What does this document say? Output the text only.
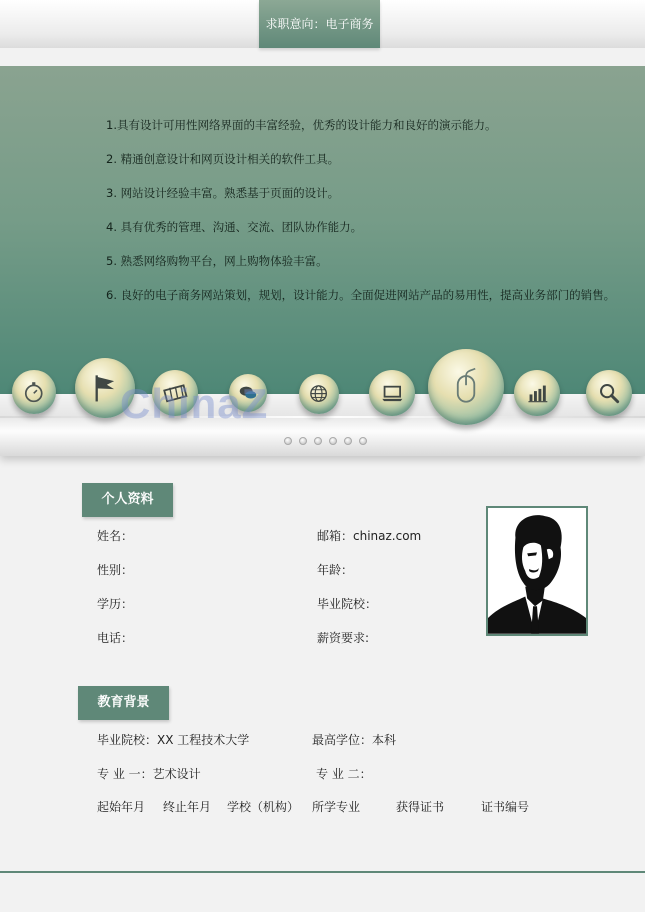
求职意向：电子商务
1.具有设计可用性网络界面的丰富经验，优秀的设计能力和良好的演示能力。
2. 精通创意设计和网页设计相关的软件工具。
3. 网站设计经验丰富。熟悉基于页面的设计。
4. 具有优秀的管理、沟通、交流、团队协作能力。
5. 熟悉网络购物平台，网上购物体验丰富。
6. 良好的电子商务网站策划，规划，设计能力。全面促进网站产品的易用性，提高业务部门的销售。
ChinaZ
个人资料
姓名：	邮箱：chinaz.com
性别：	年龄：
学历：	毕业院校：
电话：	薪资要求:
教育背景
毕业院校：XX 工程技术大学	最高学位：本科
专 业 一：艺术设计	专 业 二：
起始年月 终止年月 学校（机构） 所学专业	获得证书	证书编号
